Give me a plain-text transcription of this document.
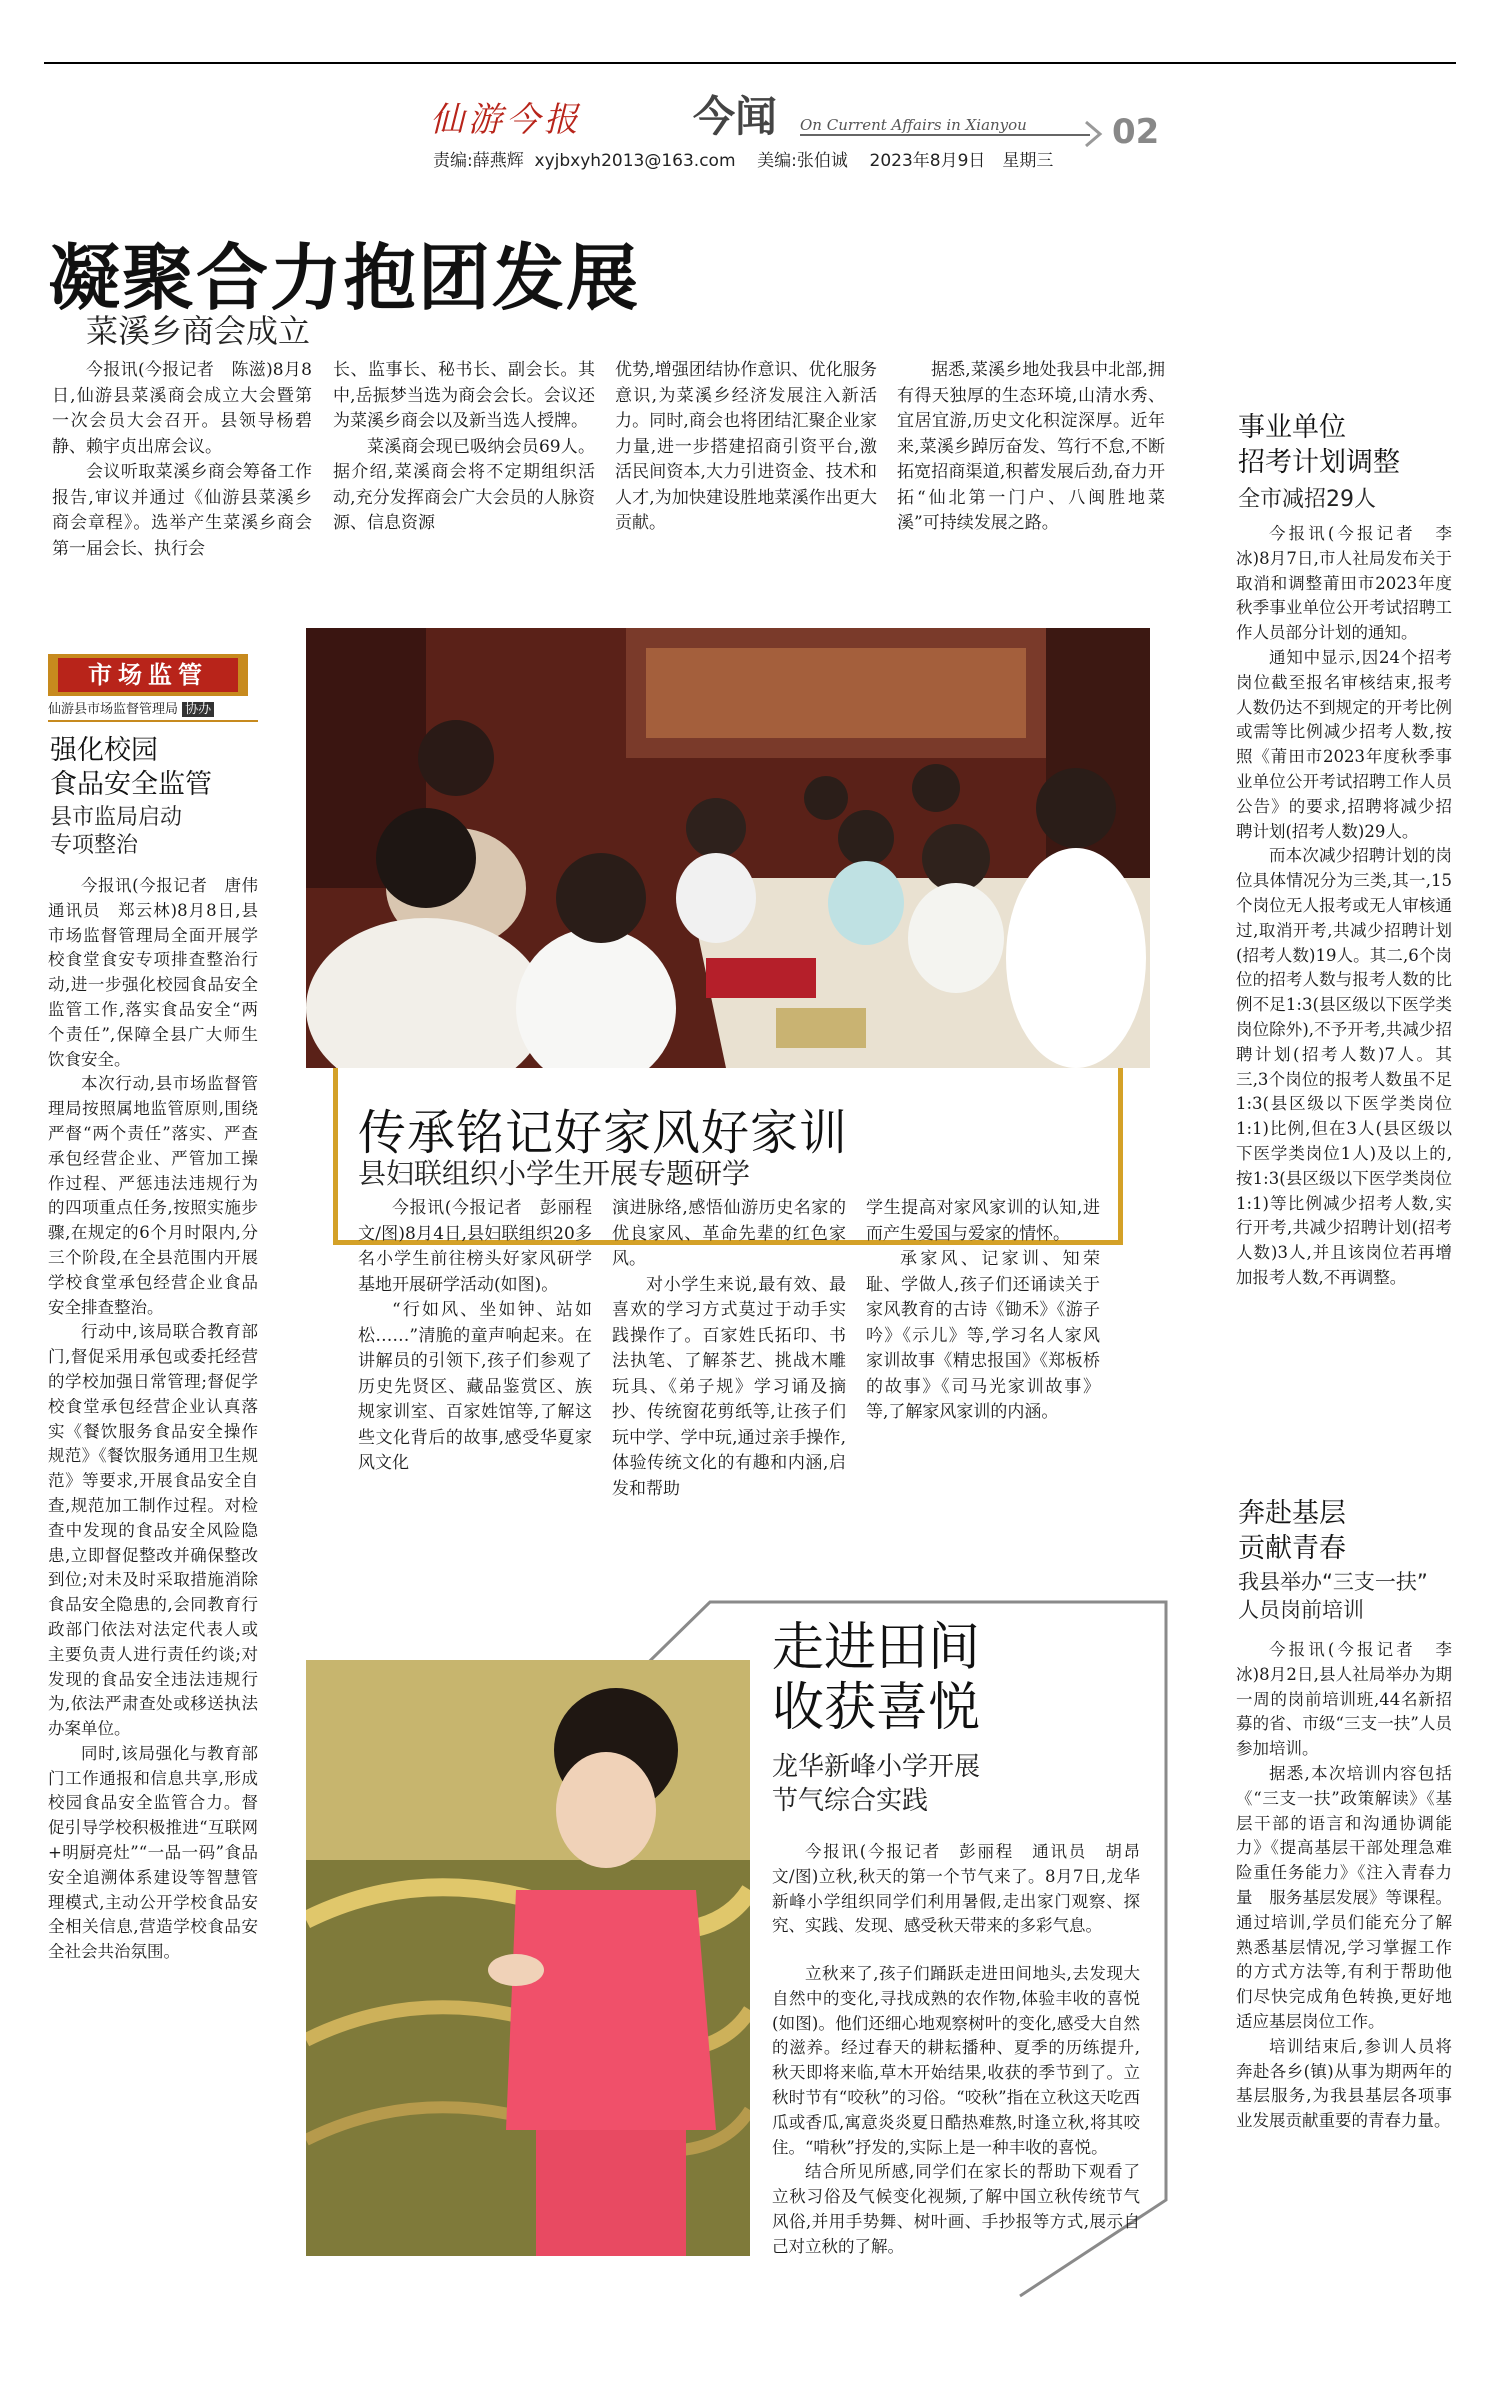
仙游今报	今闻 On Current Affairs in Xianyou	02
责编:薛燕辉 xyjbxyh2013@163.com 美编:张伯诚 2023年8月9日　星期三
凝聚合力抱团发展
菜溪乡商会成立

今报讯(今报记者　陈滋)8月8日,仙游县菜溪商会成立大会暨第一次会员大会召开。县领导杨碧静、赖宇贞出席会议。

会议听取菜溪乡商会筹备工作报告,审议并通过《仙游县菜溪乡商会章程》。选举产生菜溪乡商会第一届会长、执行会

长、监事长、秘书长、副会长。其中,岳振梦当选为商会会长。会议还为菜溪乡商会以及新当选人授牌。

菜溪商会现已吸纳会员69人。据介绍,菜溪商会将不定期组织活动,充分发挥商会广大会员的人脉资源、信息资源

优势,增强团结协作意识、优化服务意识,为菜溪乡经济发展注入新活力。同时,商会也将团结汇聚企业家力量,进一步搭建招商引资平台,激活民间资本,大力引进资金、技术和人才,为加快建设胜地菜溪作出更大贡献。

据悉,菜溪乡地处我县中北部,拥有得天独厚的生态环境,山清水秀、宜居宜游,历史文化积淀深厚。近年来,菜溪乡踔厉奋发、笃行不怠,不断拓宽招商渠道,积蓄发展后劲,奋力开拓“仙北第一门户、八闽胜地菜溪”可持续发展之路。

市场监管
仙游县市场监督管理局 协办
强化校园
食品安全监管
县市监局启动
专项整治

今报讯(今报记者　唐伟　通讯员　郑云林)8月8日,县市场监督管理局全面开展学校食堂食安专项排查整治行动,进一步强化校园食品安全监管工作,落实食品安全“两个责任”,保障全县广大师生饮食安全。

本次行动,县市场监督管理局按照属地监管原则,围绕严督“两个责任”落实、严查承包经营企业、严管加工操作过程、严惩违法违规行为的四项重点任务,按照实施步骤,在规定的6个月时限内,分三个阶段,在全县范围内开展学校食堂承包经营企业食品安全排查整治。

行动中,该局联合教育部门,督促采用承包或委托经营的学校加强日常管理;督促学校食堂承包经营企业认真落实《餐饮服务食品安全操作规范》《餐饮服务通用卫生规范》等要求,开展食品安全自查,规范加工制作过程。对检查中发现的食品安全风险隐患,立即督促整改并确保整改到位;对未及时采取措施消除食品安全隐患的,会同教育行政部门依法对法定代表人或主要负责人进行责任约谈;对发现的食品安全违法违规行为,依法严肃查处或移送执法办案单位。

同时,该局强化与教育部门工作通报和信息共享,形成校园食品安全监管合力。督促引导学校积极推进“互联网+明厨亮灶”“一品一码”食品安全追溯体系建设等智慧管理模式,主动公开学校食品安全相关信息,营造学校食品安全社会共治氛围。

传承铭记好家风好家训
县妇联组织小学生开展专题研学

今报讯(今报记者　彭丽程　文/图)8月4日,县妇联组织20多名小学生前往榜头好家风研学基地开展研学活动(如图)。

“行如风、坐如钟、站如松……”清脆的童声响起来。在讲解员的引领下,孩子们参观了历史先贤区、藏品鉴赏区、族规家训室、百家姓馆等,了解这些文化背后的故事,感受华夏家风文化

演进脉络,感悟仙游历史名家的优良家风、革命先辈的红色家风。

对小学生来说,最有效、最喜欢的学习方式莫过于动手实践操作了。百家姓氏拓印、书法执笔、了解茶艺、挑战木雕玩具、《弟子规》学习诵及摘抄、传统窗花剪纸等,让孩子们玩中学、学中玩,通过亲手操作,体验传统文化的有趣和内涵,启发和帮助

学生提高对家风家训的认知,进而产生爱国与爱家的情怀。

承家风、记家训、知荣耻、学做人,孩子们还诵读关于家风教育的古诗《锄禾》《游子吟》《示儿》等,学习名人家风家训故事《精忠报国》《郑板桥的故事》《司马光家训故事》等,了解家风家训的内涵。

走进田间
收获喜悦
龙华新峰小学开展
节气综合实践

今报讯(今报记者　彭丽程　通讯员　胡昂　文/图)立秋,秋天的第一个节气来了。8月7日,龙华新峰小学组织同学们利用暑假,走出家门观察、探究、实践、发现、感受秋天带来的多彩气息。

立秋来了,孩子们踊跃走进田间地头,去发现大自然中的变化,寻找成熟的农作物,体验丰收的喜悦(如图)。他们还细心地观察树叶的变化,感受大自然的滋养。经过春天的耕耘播种、夏季的历练提升,秋天即将来临,草木开始结果,收获的季节到了。立秋时节有“咬秋”的习俗。“咬秋”指在立秋这天吃西瓜或香瓜,寓意炎炎夏日酷热难熬,时逢立秋,将其咬住。“啃秋”抒发的,实际上是一种丰收的喜悦。

结合所见所感,同学们在家长的帮助下观看了立秋习俗及气候变化视频,了解中国立秋传统节气风俗,并用手势舞、树叶画、手抄报等方式,展示自己对立秋的了解。

事业单位
招考计划调整
全市减招29人

今报讯(今报记者　李冰)8月7日,市人社局发布关于取消和调整莆田市2023年度秋季事业单位公开考试招聘工作人员部分计划的通知。

通知中显示,因24个招考岗位截至报名审核结束,报考人数仍达不到规定的开考比例或需等比例减少招考人数,按照《莆田市2023年度秋季事业单位公开考试招聘工作人员公告》的要求,招聘将减少招聘计划(招考人数)29人。

而本次减少招聘计划的岗位具体情况分为三类,其一,15个岗位无人报考或无人审核通过,取消开考,共减少招聘计划(招考人数)19人。其二,6个岗位的招考人数与报考人数的比例不足1:3(县区级以下医学类岗位除外),不予开考,共减少招聘计划(招考人数)7人。其三,3个岗位的报考人数虽不足1:3(县区级以下医学类岗位1:1)比例,但在3人(县区级以下医学类岗位1人)及以上的,按1:3(县区级以下医学类岗位1:1)等比例减少招考人数,实行开考,共减少招聘计划(招考人数)3人,并且该岗位若再增加报考人数,不再调整。

奔赴基层
贡献青春
我县举办“三支一扶”
人员岗前培训

今报讯(今报记者　李冰)8月2日,县人社局举办为期一周的岗前培训班,44名新招募的省、市级“三支一扶”人员参加培训。

据悉,本次培训内容包括《“三支一扶”政策解读》《基层干部的语言和沟通协调能力》《提高基层干部处理急难险重任务能力》《注入青春力量　服务基层发展》等课程。通过培训,学员们能充分了解熟悉基层情况,学习掌握工作的方式方法等,有利于帮助他们尽快完成角色转换,更好地适应基层岗位工作。

培训结束后,参训人员将奔赴各乡(镇)从事为期两年的基层服务,为我县基层各项事业发展贡献重要的青春力量。
